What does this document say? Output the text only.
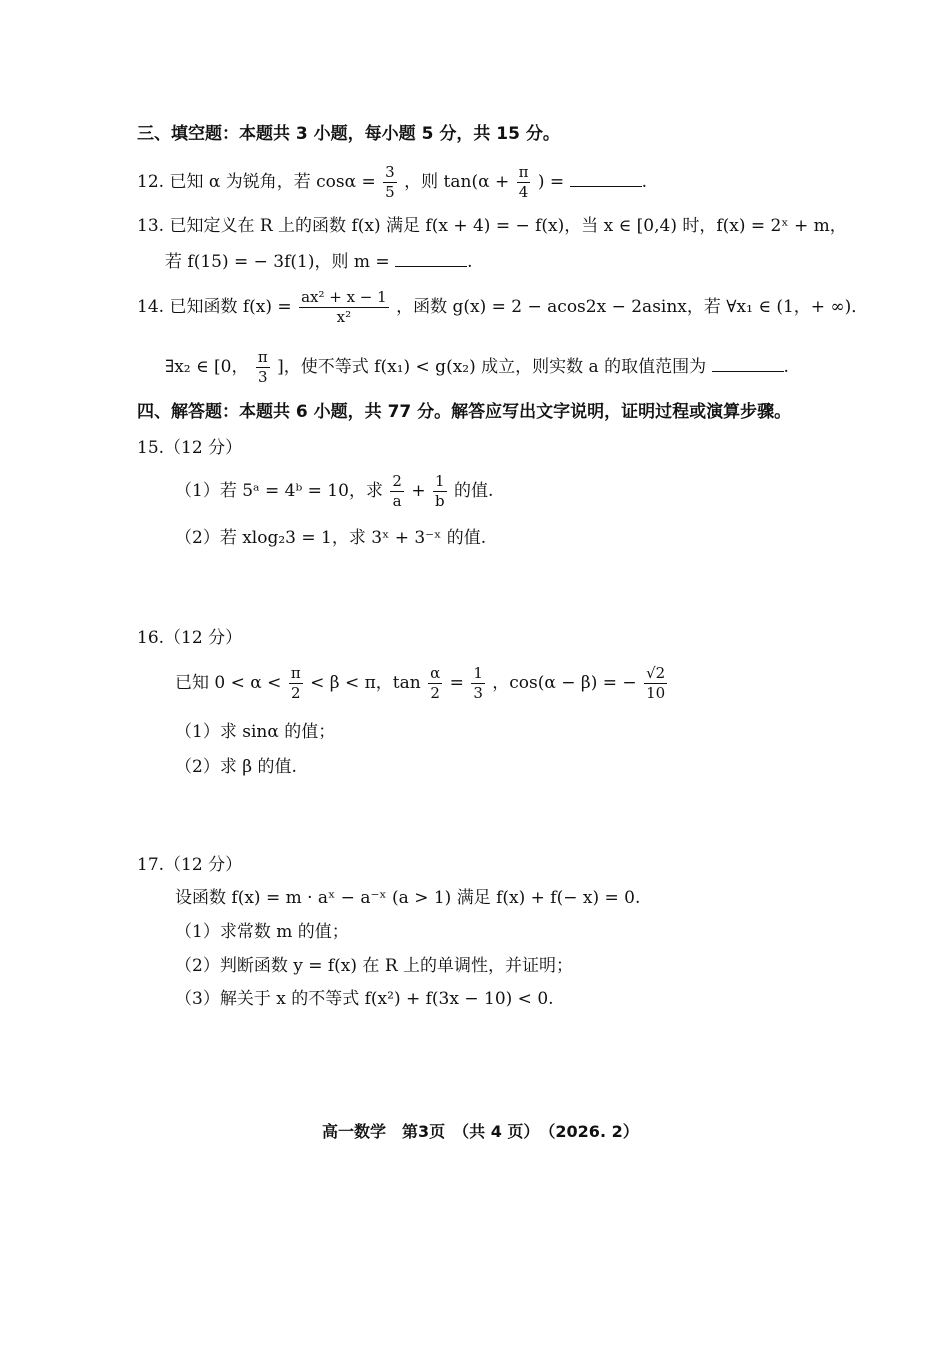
三、填空题：本题共 3 小题，每小题 5 分，共 15 分。
12. 已知 α 为锐角，若 $\cos\alpha = \frac{3}{5}$ ，则 $\tan(\alpha + \frac{\pi}{4}$ ) =	.
13. 已知定义在 R 上的函数 f(x) 满足 f(x + 4) = − f(x)，当 x ∈ [0,4) 时，f(x) = 2ˣ + m，
若 f(15) = − 3f(1)，则 m =	.
14. 已知函数 $f(x) = \frac{\text{ax² + x − 1}}{\text{x²}}$ ，函数 g(x) = 2 − acos2x − 2asinx，若 ∀x₁ ∈ (1，+ ∞)．
∃x₂ ∈ [0， $\frac{\pi}{3}$ ]，使不等式 f(x₁) < g(x₂) 成立，则实数 a 的取值范围为	.
四、解答题：本题共 6 小题，共 77 分。解答应写出文字说明，证明过程或演算步骤。
15.（12 分）
（1）若 5ᵃ = 4ᵇ = 10，求 $\frac{2}{a} + \frac{1}{b}$ 的值.
（2）若 xlog₂3 = 1，求 3ˣ + 3⁻ˣ 的值.
16.（12 分）
已知 $0 < \alpha < \frac{\pi}{2} < \beta < \pi$，$\tan \frac{\alpha}{2} = \frac{1}{3}$ ，cos(α − β) = − $\frac{√2}{10}$
（1）求 sinα 的值；
（2）求 β 的值.
17.（12 分）
设函数 f(x) = m · aˣ − a⁻ˣ (a > 1) 满足 f(x) + f(− x) = 0.
（1）求常数 m 的值；
（2）判断函数 y = f(x) 在 R 上的单调性，并证明；
（3）解关于 x 的不等式 f(x²) + f(3x − 10) < 0.
高一数学　第3页　（共 4 页）　（2026. 2）
